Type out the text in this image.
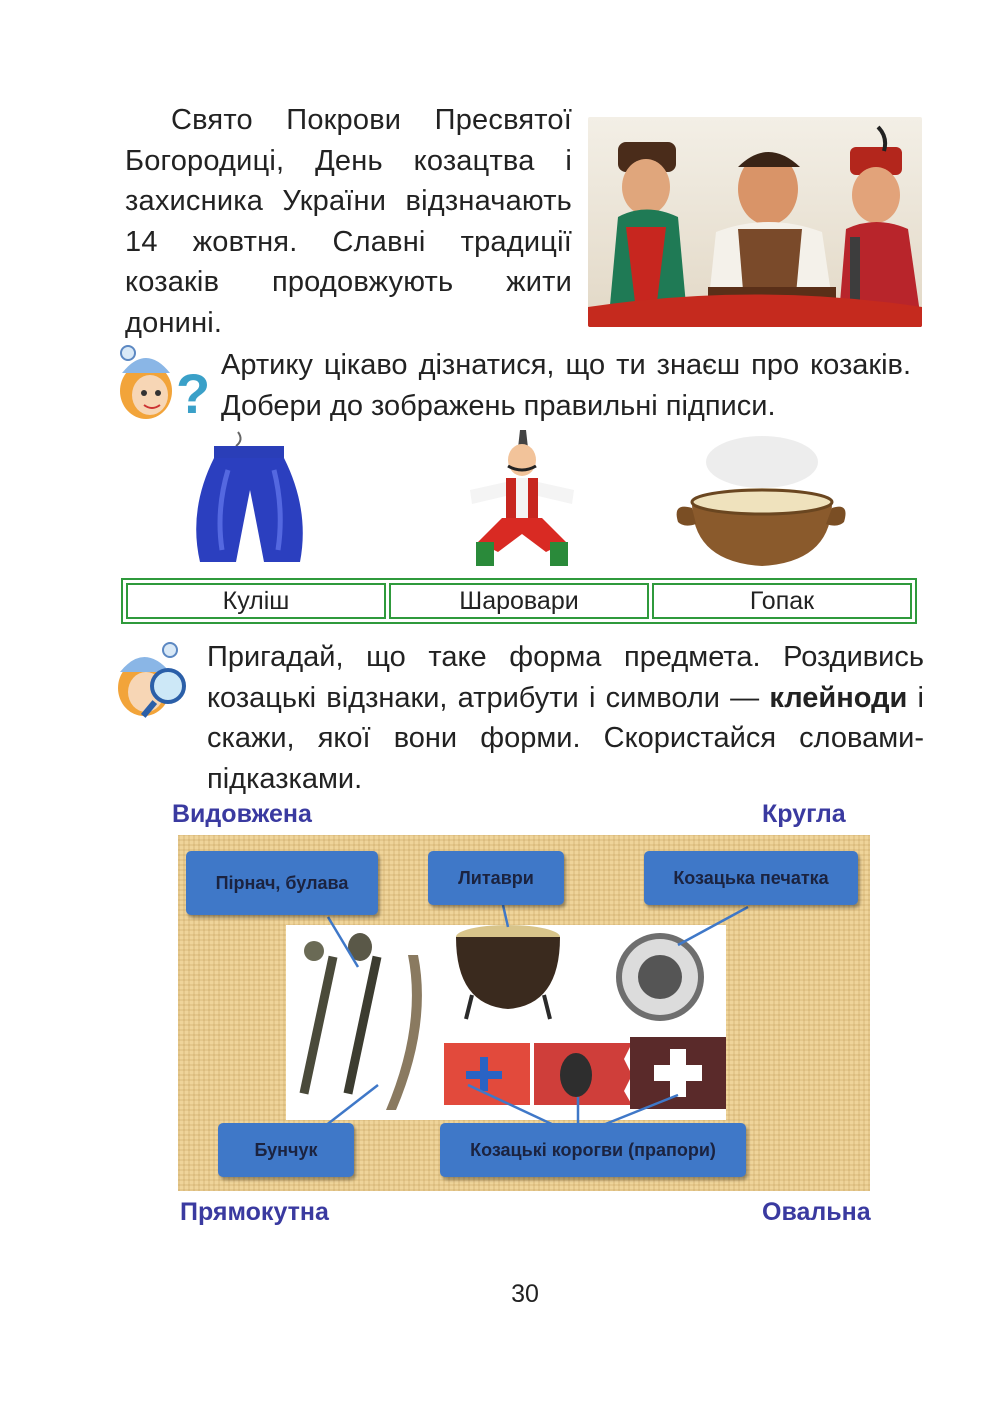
Свято Покрови Пресвятої Богородиці, День козацтва і захисника України відзначають 14 жовтня. Славні традиції козаків продовжують жити донині.
? Артику цікаво дізнатися, що ти знаєш про козаків. Добери до зображень правильні підписи.
Куліш	Шаровари	Гопак
Пригадай, що таке форма предмета. Роздивись козацькі відзнаки, атрибути і символи — клейноди і скажи, якої вони форми. Скористайся словами-підказками.
Видовжена	Кругла
Прямокутна	Овальна
Пірнач, булава	Литаври	Козацька печатка
Бунчук	Козацькі корогви (прапори)
30
